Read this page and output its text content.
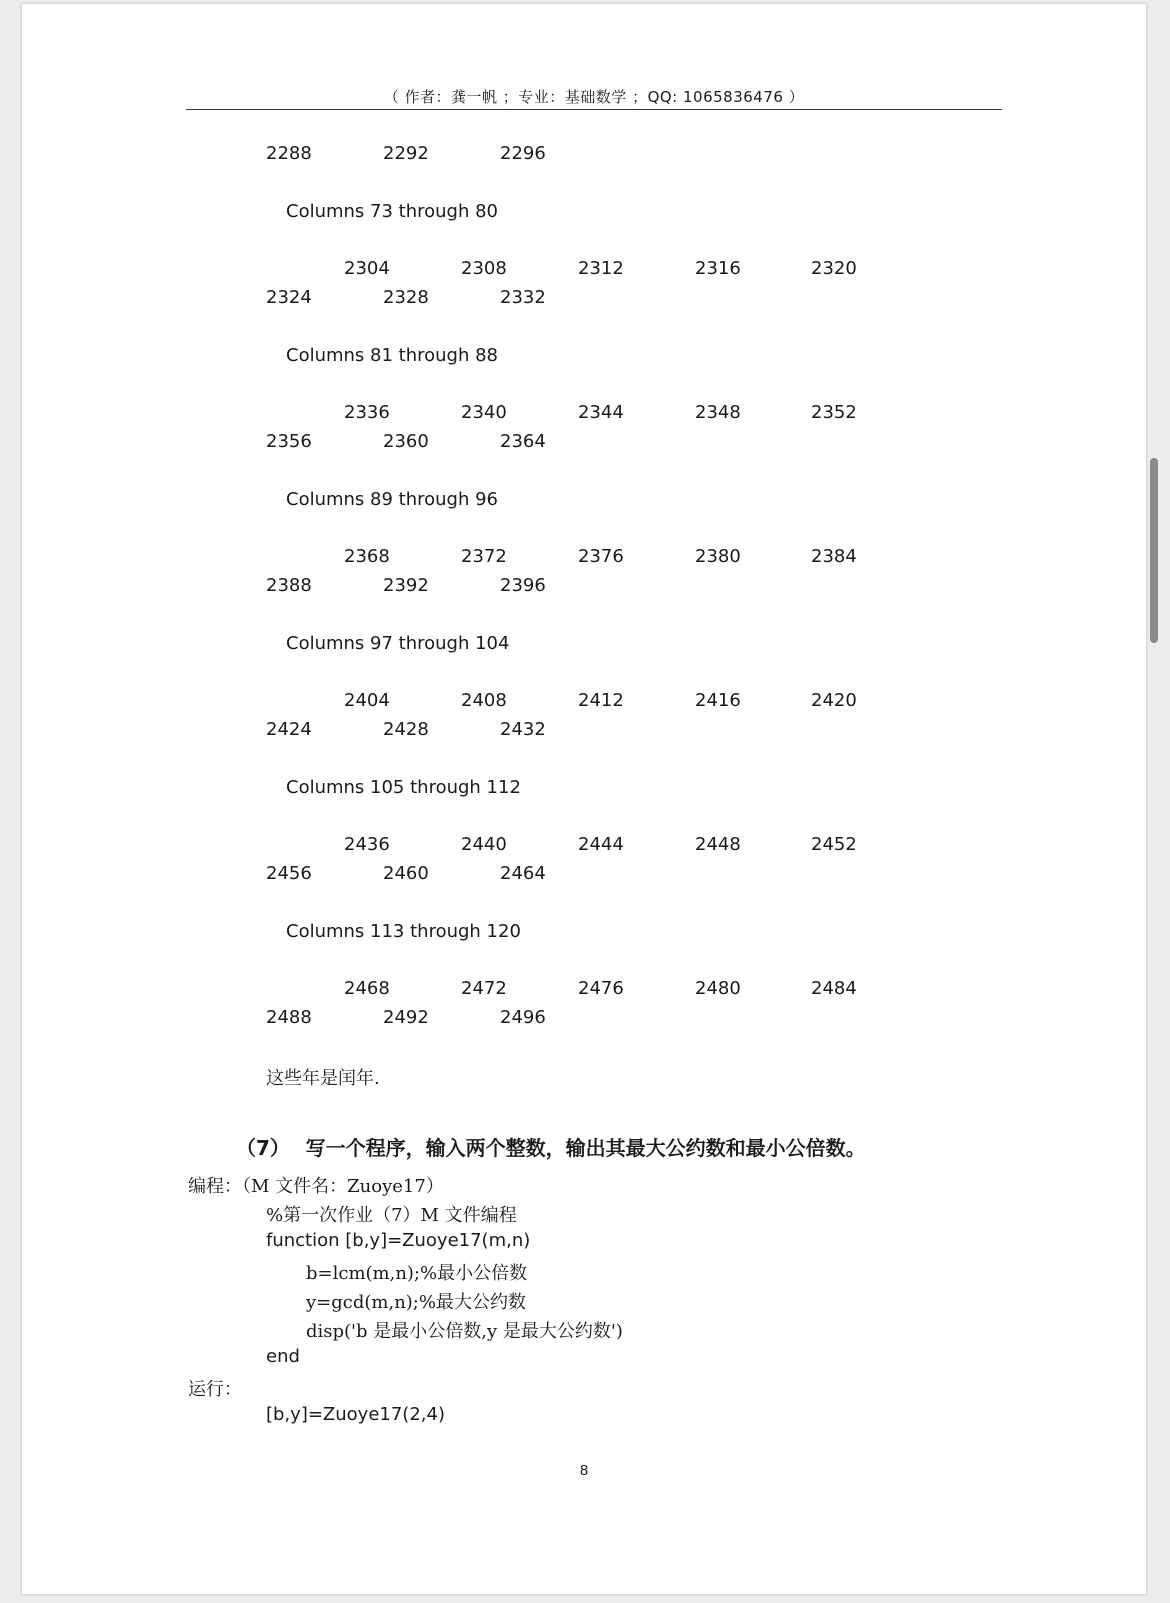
（ 作者：龚一帆 ；专业：基础数学 ；QQ: 1065836476 ）
2288	2292	2296
Columns 73 through 80
2304	2308	2312	2316	2320
2324	2328	2332
Columns 81 through 88
2336	2340	2344	2348	2352
2356	2360	2364
Columns 89 through 96
2368	2372	2376	2380	2384
2388	2392	2396
Columns 97 through 104
2404	2408	2412	2416	2420
2424	2428	2432
Columns 105 through 112
2436	2440	2444	2448	2452
2456	2460	2464
Columns 113 through 120
2468	2472	2476	2480	2484
2488	2492	2496
这些年是闰年.
（7） 写一个程序，输入两个整数，输出其最大公约数和最小公倍数。
编程：（M 文件名：Zuoye17）
%第一次作业（7）M 文件编程
function [b,y]=Zuoye17(m,n)
b=lcm(m,n);%最小公倍数
y=gcd(m,n);%最大公约数
disp('b 是最小公倍数,y 是最大公约数')
end
运行：
[b,y]=Zuoye17(2,4)
8
